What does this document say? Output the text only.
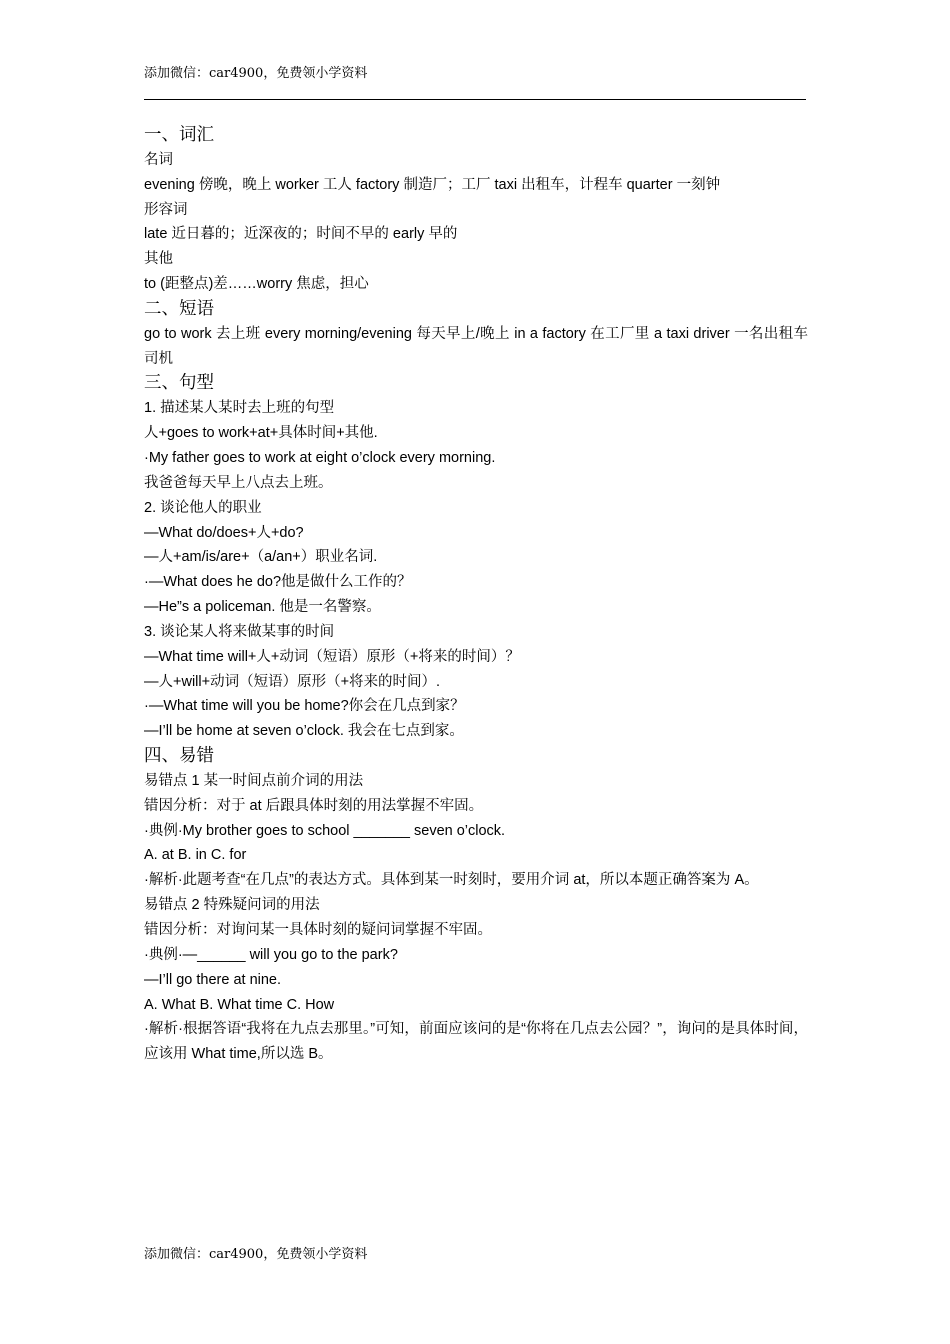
添加微信：car4900，免费领小学资料
一、词汇
名词
evening 傍晚，晚上 worker 工人 factory 制造厂；工厂 taxi 出租车，计程车 quarter 一刻钟
形容词
late 近日暮的；近深夜的；时间不早的 early 早的
其他
to (距整点)差……worry 焦虑，担心
二、短语
go to work 去上班 every morning/evening 每天早上/晚上 in a factory 在工厂里 a taxi driver 一名出租车司机
三、句型
1. 描述某人某时去上班的句型
人+goes to work+at+具体时间+其他.
·My father goes to work at eight o’clock every morning.
我爸爸每天早上八点去上班。
2. 谈论他人的职业
—What do/does+人+do?
—人+am/is/are+（a/an+）职业名词.
·—What does he do?他是做什么工作的？
—He”s a policeman. 他是一名警察。
3. 谈论某人将来做某事的时间
—What time will+人+动词（短语）原形（+将来的时间）？
—人+will+动词（短语）原形（+将来的时间）.
·—What time will you be home?你会在几点到家？
—I’ll be home at seven o’clock. 我会在七点到家。
四、易错
易错点 1 某一时间点前介词的用法
错因分析：对于 at 后跟具体时刻的用法掌握不牢固。
·典例·My brother goes to school _______ seven o’clock.
A. at B. in C. for
·解析·此题考查“在几点”的表达方式。具体到某一时刻时，要用介词 at，所以本题正确答案为 A。
易错点 2 特殊疑问词的用法
错因分析：对询问某一具体时刻的疑问词掌握不牢固。
·典例·—______ will you go to the park?
—I’ll go there at nine.
A. What B. What time C. How
·解析·根据答语“我将在九点去那里。”可知，前面应该问的是“你将在几点去公园？”，询问的是具体时间，应该用 What time,所以选 B。
添加微信：car4900，免费领小学资料
